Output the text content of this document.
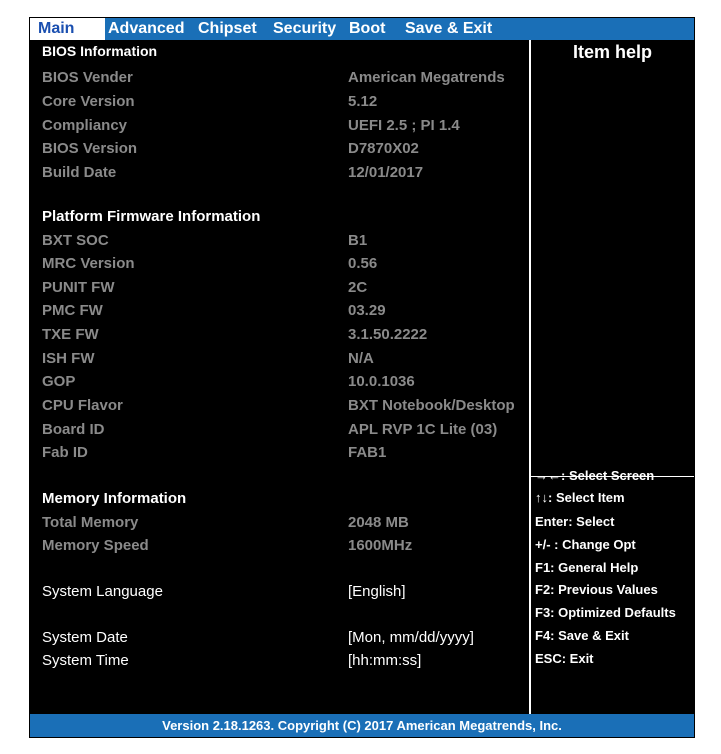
Main	Advanced Chipset Security Boot Save & Exit
BIOS Information
BIOS Vender	American Megatrends
Core Version	5.12
Compliancy	UEFI 2.5 ; PI 1.4
BIOS Version	D7870X02
Build Date	12/01/2017
Platform Firmware Information
BXT SOC	B1
MRC Version	0.56
PUNIT FW	2C
PMC FW	03.29
TXE FW	3.1.50.2222
ISH FW	N/A
GOP	10.0.1036
CPU Flavor	BXT Notebook/Desktop
Board ID	APL RVP 1C Lite (03)
Fab ID	FAB1
Memory Information
Total Memory	2048 MB
Memory Speed	1600MHz
System Language	[English]
System Date	[Mon, mm/dd/yyyy]
System Time	[hh:mm:ss]
Item help
→←: Select Screen
↑↓: Select Item
Enter: Select
+/- : Change Opt
F1: General Help
F2: Previous Values
F3: Optimized Defaults
F4: Save & Exit
ESC: Exit
Version 2.18.1263. Copyright (C) 2017 American Megatrends, Inc.
